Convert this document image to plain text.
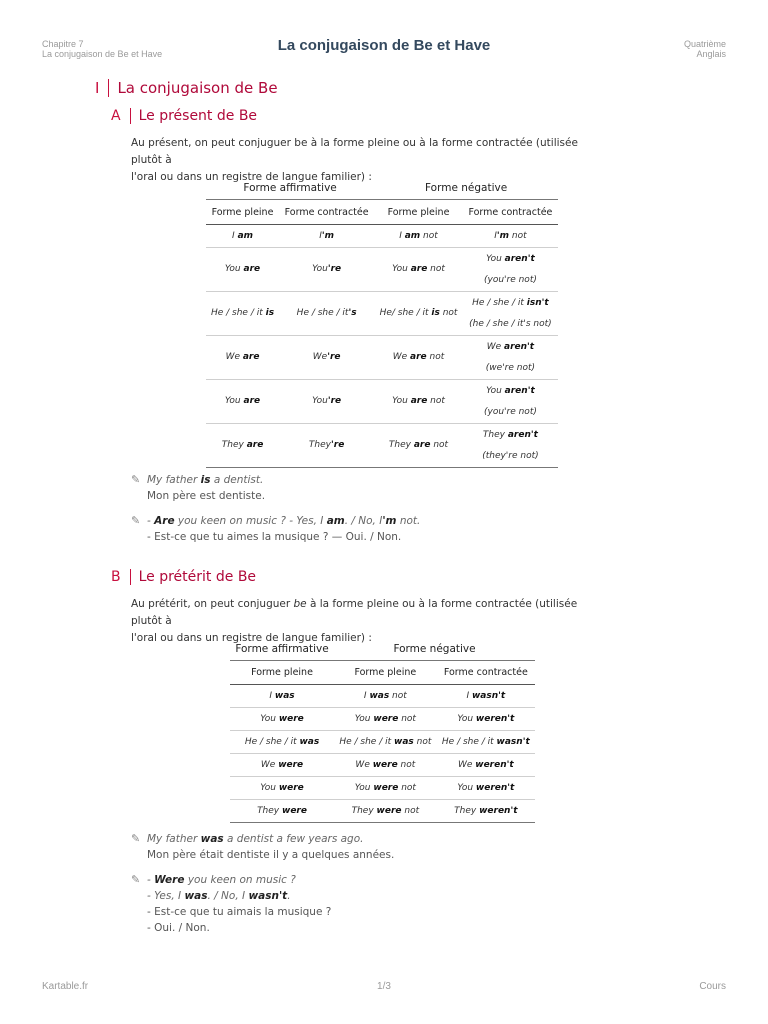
Chapitre 7
La conjugaison de Be et Have	La conjugaison de Be et Have	Quatrième
Anglais
I La conjugaison de Be
A Le présent de Be
Au présent, on peut conjuguer be à la forme pleine ou à la forme contractée (utilisée plutôt à
l'oral ou dans un registre de langue familier) :
Forme affirmative		Forme négative	
Forme pleine	Forme contractée	Forme pleine	Forme contractée
I am	I'm	I am not	I'm not
You are	You're	You are not	You aren't
(you're not)
He / she / it is	He / she / it's	He/ she / it is not	He / she / it isn't
(he / she / it's not)
We are	We're	We are not	We aren't
(we're not)
You are	You're	You are not	You aren't
(you're not)
They are	They're	They are not	They aren't
(they're not)
✎ My father is a dentist.
Mon père est dentiste.
✎ - Are you keen on music ? - Yes, I am. / No, I'm not.
- Est-ce que tu aimes la musique ? — Oui. / Non.
B Le prétérit de Be
Au prétérit, on peut conjuguer be à la forme pleine ou à la forme contractée (utilisée plutôt à
l'oral ou dans un registre de langue familier) :
Forme affirmative	Forme négative	
Forme pleine	Forme pleine	Forme contractée
I was	I was not	I wasn't
You were	You were not	You weren't
He / she / it was	He / she / it was not	He / she / it wasn't
We were	We were not	We weren't
You were	You were not	You weren't
They were	They were not	They weren't
✎ My father was a dentist a few years ago.
Mon père était dentiste il y a quelques années.
✎ - Were you keen on music ?
- Yes, I was. / No, I wasn't.
- Est-ce que tu aimais la musique ?
- Oui. / Non.
Kartable.fr	1/3	Cours
